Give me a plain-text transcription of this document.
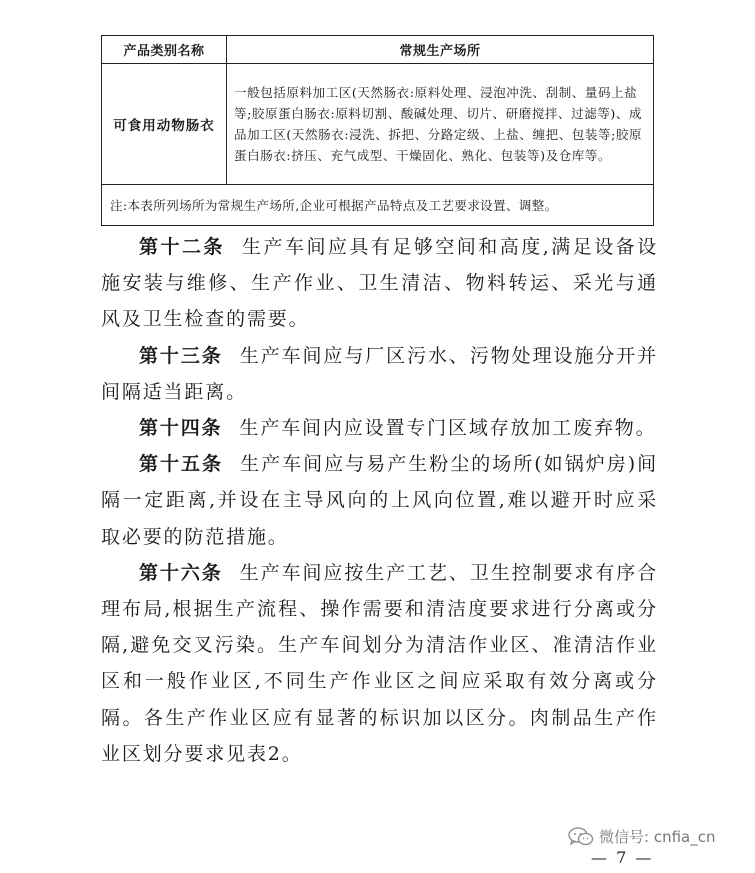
产品类别名称	常规生产场所
可食用动物肠衣	一般包括原料加工区(天然肠衣:原料处理、浸泡冲洗、刮制、量码上盐等;胶原蛋白肠衣:原料切割、酸碱处理、切片、研磨搅拌、过滤等)、成品加工区(天然肠衣:浸洗、拆把、分路定级、上盐、缠把、包装等;胶原蛋白肠衣:挤压、充气成型、干燥固化、熟化、包装等)及仓库等。
注:本表所列场所为常规生产场所,企业可根据产品特点及工艺要求设置、调整。	

第十二条 生产车间应具有足够空间和高度,满足设备设施安装与维修、生产作业、卫生清洁、物料转运、采光与通风及卫生检查的需要。

第十三条 生产车间应与厂区污水、污物处理设施分开并间隔适当距离。

第十四条 生产车间内应设置专门区域存放加工废弃物。

第十五条 生产车间应与易产生粉尘的场所(如锅炉房)间隔一定距离,并设在主导风向的上风向位置,难以避开时应采取必要的防范措施。

第十六条 生产车间应按生产工艺、卫生控制要求有序合理布局,根据生产流程、操作需要和清洁度要求进行分离或分隔,避免交叉污染。生产车间划分为清洁作业区、准清洁作业区和一般作业区,不同生产作业区之间应采取有效分离或分隔。各生产作业区应有显著的标识加以区分。肉制品生产作业区划分要求见表2。

微信号: cnfia_cn
— 7 —
